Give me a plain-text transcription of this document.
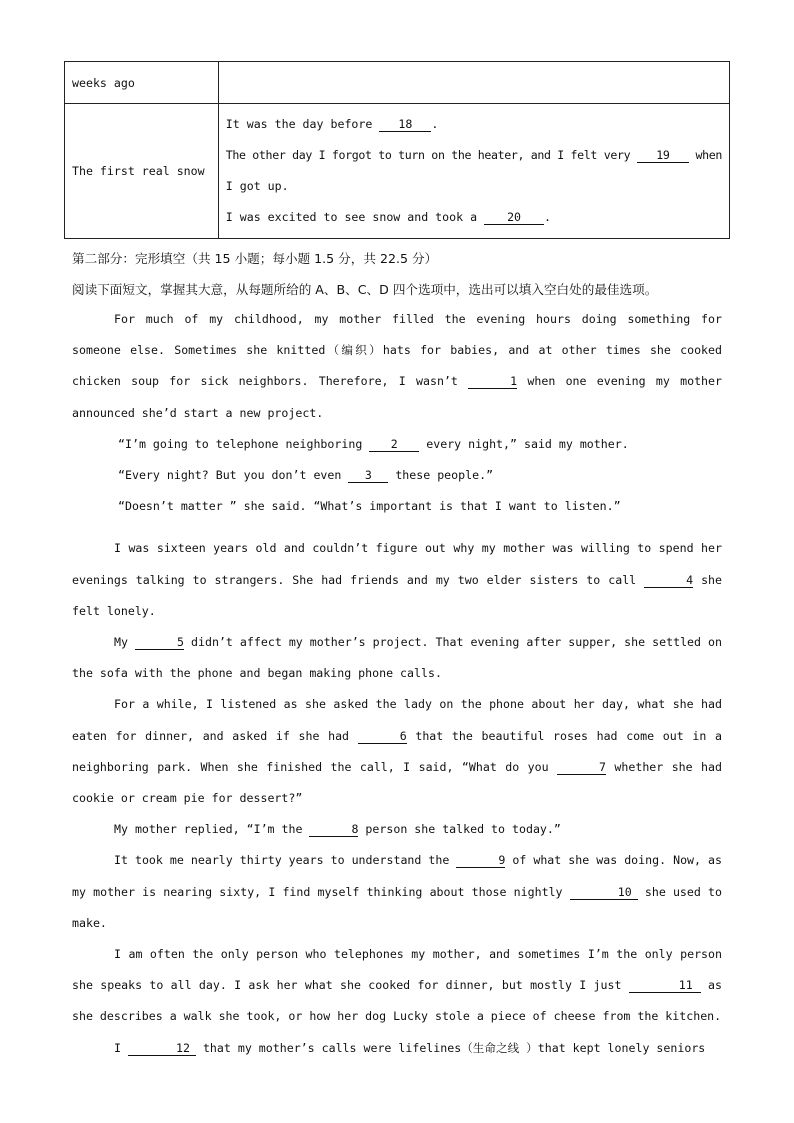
weeks ago	
The first real snow	It was the day before 18 .
The other day I forgot to turn on the heater, and I felt very 19 when
I got up.
I was excited to see snow and took a 20 .
第二部分：完形填空（共 15 小题；每小题 1.5 分，共 22.5 分）
阅读下面短文，掌握其大意，从每题所给的 A、B、C、D 四个选项中，选出可以填入空白处的最佳选项。

For much of my childhood, my mother filled the evening hours doing something for someone else. Sometimes she knitted（编织）hats for babies, and at other times she cooked chicken soup for sick neighbors. Therefore, I wasn’t	1 when one evening my mother announced she’d start a new project.

“I’m going to telephone neighboring 2 every night,” said my mother.

“Every night? But you don’t even 3 these people.”

“Doesn’t matter ” she said. “What’s important is that I want to listen.”

I was sixteen years old and couldn’t figure out why my mother was willing to spend her evenings talking to strangers. She had friends and my two elder sisters to call	4 she felt lonely.

My	5 didn’t affect my mother’s project. That evening after supper, she settled on the sofa with the phone and began making phone calls.

For a while, I listened as she asked the lady on the phone about her day, what she had eaten for dinner, and asked if she had	6 that the beautiful roses had come out in a neighboring park. When she finished the call, I said, “What do you	7 whether she had cookie or cream pie for dessert?”

My mother replied, “I’m the	8 person she talked to today.”

It took me nearly thirty years to understand the	9 of what she was doing. Now, as my mother is nearing sixty, I find myself thinking about those nightly	10 she used to make.

I am often the only person who telephones my mother, and sometimes I’m the only person she speaks to all day. I ask her what she cooked for dinner, but mostly I just	11 as she describes a walk she took, or how her dog Lucky stole a piece of cheese from the kitchen.

I	12 that my mother’s calls were lifelines（生命之线 ）that kept lonely seniors
